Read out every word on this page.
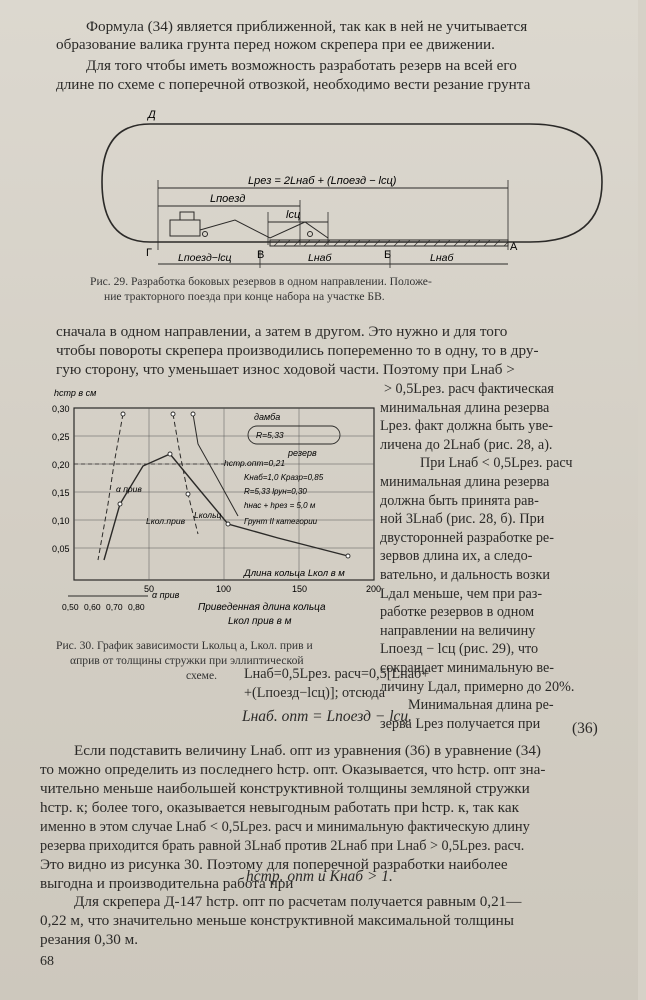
Формула (34) является приближенной, так как в ней не учитывается
образование валика грунта перед ножом скрепера при ее движении.
Для того чтобы иметь возможность разработать резерв на всей его
длине по схеме с поперечной отвозкой, необходимо вести резание грунта
Д
Lрез = 2Lнаб + (Lпоезд − lсц)
Lпоезд
lсц
Г	В	Б
А
Lпоезд−lсц	Lнаб	Lнаб
Рис. 29. Разработка боковых резервов в одном направлении. Положе-
ние тракторного поезда при конце набора на участке БВ.
сначала в одном направлении, а затем в другом. Это нужно и для того
чтобы повороты скрепера производились попеременно то в одну, то в дру-
гую сторону, что уменьшает износ ходовой части. Поэтому при Lнаб >
hстр в см
0,30
0,25
0,20
0,15
0,10
0,05
hстр.опт=0,21
α прив
Lкол.прив
Lкольц
дамба
R=5,33
резерв
Kнаб=1,0 Kразр=0,85
R=5,33 lрун=0,30
hнас + hрез = 5,0 м
Грунт II категории
Длина кольца Lкол в м
50	100	150	200
0,50 0,60 0,70 0,80
α прив
Приведенная длина кольца
Lкол прив в м
> 0,5Lрез. расч фактическая
минимальная длина резерва
Lрез. факт должна быть уве-
личена до 2Lнаб (рис. 28, а).
При Lнаб < 0,5Lрез. расч
минимальная длина резерва
должна быть принята рав-
ной 3Lнаб (рис. 28, б). При
двусторонней разработке ре-
зервов длина их, а следо-
вательно, и дальность возки
Lдал меньше, чем при раз-
работке резервов в одном
направлении на величину
Lпоезд − lсц (рис. 29), что
сокращает минимальную ве-
личину Lдал, примерно до 20%.
Минимальная длина ре-
зерва Lрез получается при
Lнаб=0,5Lрез. расч=0,5[Lнаб+
+(Lпоезд−lсц)]; отсюда
Рис. 30. График зависимости Lкольц а, Lкол. прив и
αприв от толщины стружки при эллиптической
схеме.
Lнаб. опт = Lпоезд − lсц.
(36)
Если подставить величину Lнаб. опт из уравнения (36) в уравнение (34)
то можно определить из последнего hстр. опт. Оказывается, что hстр. опт зна-
чительно меньше наибольшей конструктивной толщины земляной стружки
hстр. к; более того, оказывается невыгодным работать при hстр. к, так как
именно в этом случае Lнаб < 0,5Lрез. расч и минимальную фактическую длину
резерва приходится брать равной 3Lнаб против 2Lнаб при Lнаб > 0,5Lрез. расч.
Это видно из рисунка 30. Поэтому для поперечной разработки наиболее
выгодна и производительна работа при
hстр. опт и Kнаб > 1.
Для скрепера Д-147 hстр. опт по расчетам получается равным 0,21—
0,22 м, что значительно меньше конструктивной максимальной толщины
резания 0,30 м.
68
